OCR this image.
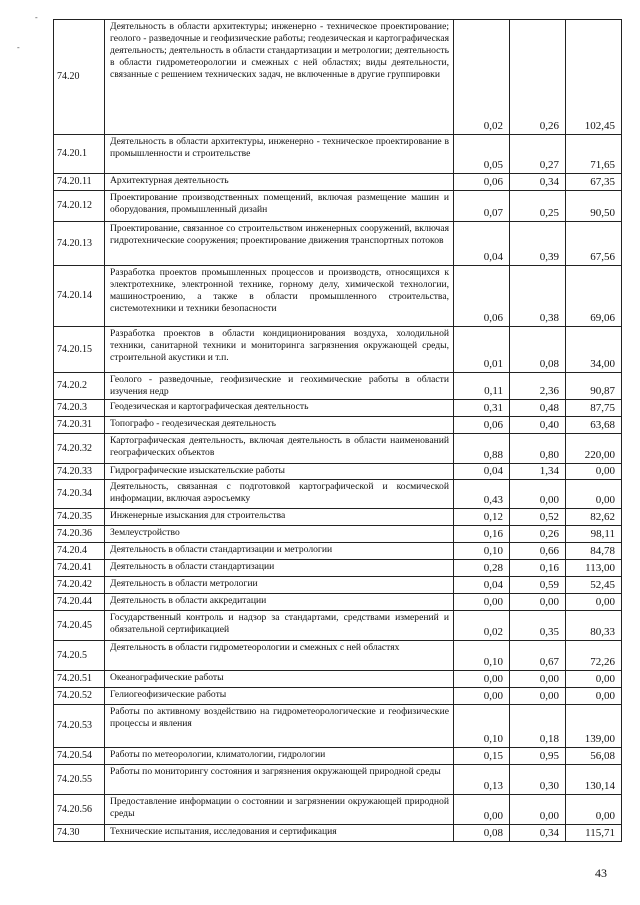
-
-
74.20	Деятельность в области архитектуры; инженерно - техническое проектирование; геолого - разведочные и геофизические работы; геодезическая и картографическая деятельность; деятельность в области стандартизации и метрологии; деятельность в области гидрометеорологии и смежных с ней областях; виды деятельности, связанные с решением технических задач, не включенные в другие группировки	0,02	0,26	102,45
74.20.1	Деятельность в области архитектуры, инженерно - техническое проектирование в промышленности и строительстве	0,05	0,27	71,65
74.20.11	Архитектурная деятельность	0,06	0,34	67,35
74.20.12	Проектирование производственных помещений, включая размещение машин и оборудования, промышленный дизайн	0,07	0,25	90,50
74.20.13	Проектирование, связанное со строительством инженерных сооружений, включая гидротехнические сооружения; проектирование движения транспортных потоков	0,04	0,39	67,56
74.20.14	Разработка проектов промышленных процессов и производств, относящихся к электротехнике, электронной технике, горному делу, химической технологии, машиностроению, а также в области промышленного строительства, системотехники и техники безопасности	0,06	0,38	69,06
74.20.15	Разработка проектов в области кондиционирования воздуха, холодильной техники, санитарной техники и мониторинга загрязнения окружающей среды, строительной акустики и т.п.	0,01	0,08	34,00
74.20.2	Геолого - разведочные, геофизические и геохимические работы в области изучения недр	0,11	2,36	90,87
74.20.3	Геодезическая и картографическая деятельность	0,31	0,48	87,75
74.20.31	Топографо - геодезическая деятельность	0,06	0,40	63,68
74.20.32	Картографическая деятельность, включая деятельность в области наименований географических объектов	0,88	0,80	220,00
74.20.33	Гидрографические изыскательские работы	0,04	1,34	0,00
74.20.34	Деятельность, связанная с подготовкой картографической и космической информации, включая аэросъемку	0,43	0,00	0,00
74.20.35	Инженерные изыскания для строительства	0,12	0,52	82,62
74.20.36	Землеустройство	0,16	0,26	98,11
74.20.4	Деятельность в области стандартизации и метрологии	0,10	0,66	84,78
74.20.41	Деятельность в области стандартизации	0,28	0,16	113,00
74.20.42	Деятельность в области метрологии	0,04	0,59	52,45
74.20.44	Деятельность в области аккредитации	0,00	0,00	0,00
74.20.45	Государственный контроль и надзор за стандартами, средствами измерений и обязательной сертификацией	0,02	0,35	80,33
74.20.5	Деятельность в области гидрометеорологии и смежных с ней областях	0,10	0,67	72,26
74.20.51	Океанографические работы	0,00	0,00	0,00
74.20.52	Гелиогеофизические работы	0,00	0,00	0,00
74.20.53	Работы по активному воздействию на гидрометеорологические и геофизические процессы и явления	0,10	0,18	139,00
74.20.54	Работы по метеорологии, климатологии, гидрологии	0,15	0,95	56,08
74.20.55	Работы по мониторингу состояния и загрязнения окружающей природной среды	0,13	0,30	130,14
74.20.56	Предоставление информации о состоянии и загрязнении окружающей природной среды	0,00	0,00	0,00
74.30	Технические испытания, исследования и сертификация	0,08	0,34	115,71
43
